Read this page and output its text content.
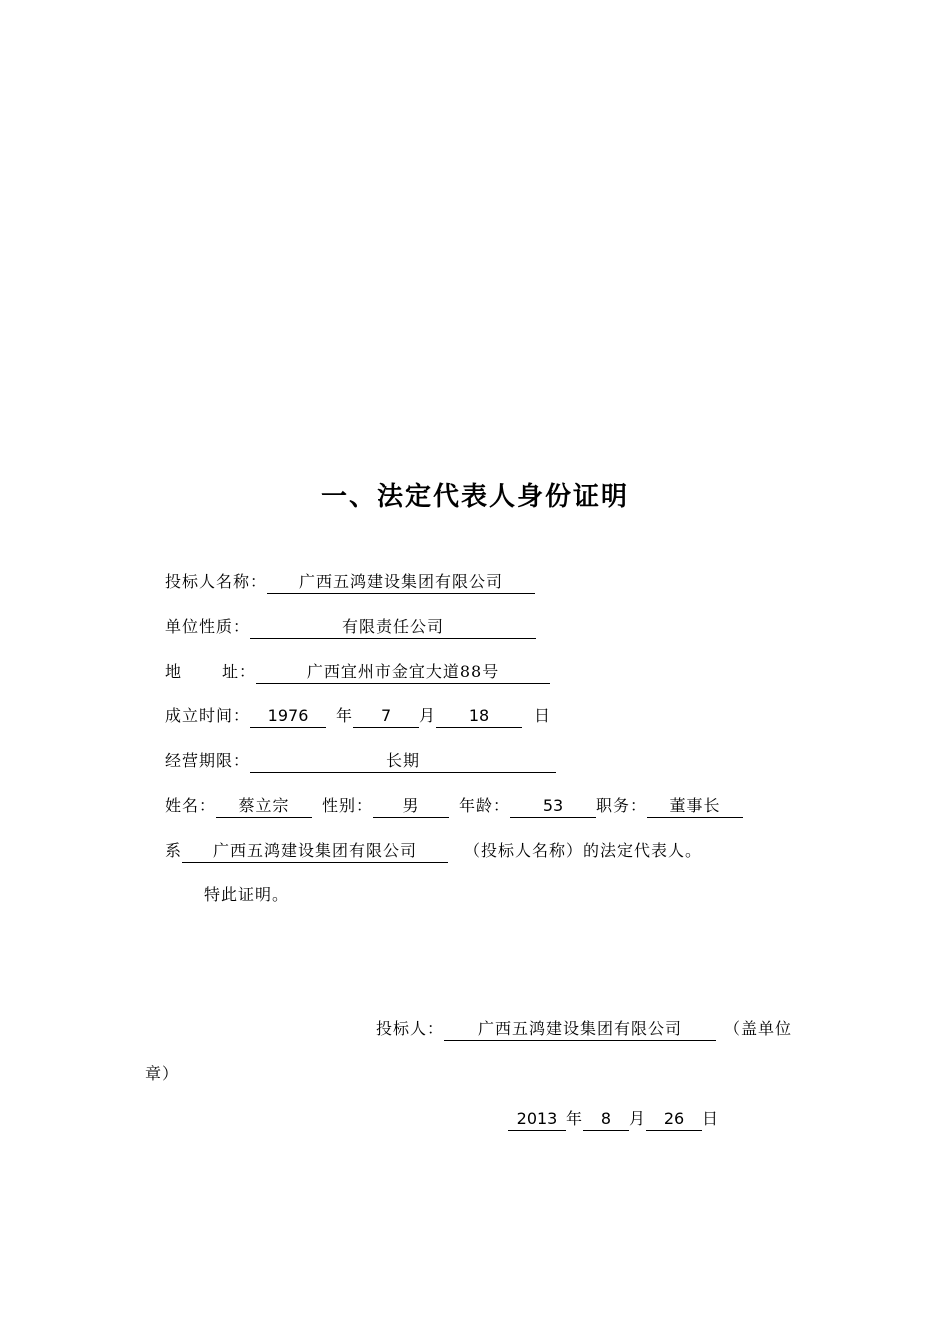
一、法定代表人身份证明
投标人名称： 广西五鸿建设集团有限公司
单位性质：	有限责任公司
地	址：	广西宜州市金宜大道88号
成立时间： 1976 年 7 月 18	日
经营期限：	长期
姓名： 蔡立宗 性别： 男 年龄： 53 职务： 董事长
系 广西五鸿建设集团有限公司	（投标人名称）的法定代表人。
特此证明。
投标人： 广西五鸿建设集团有限公司	（盖单位
章）
2013 年 8 月 26 日
